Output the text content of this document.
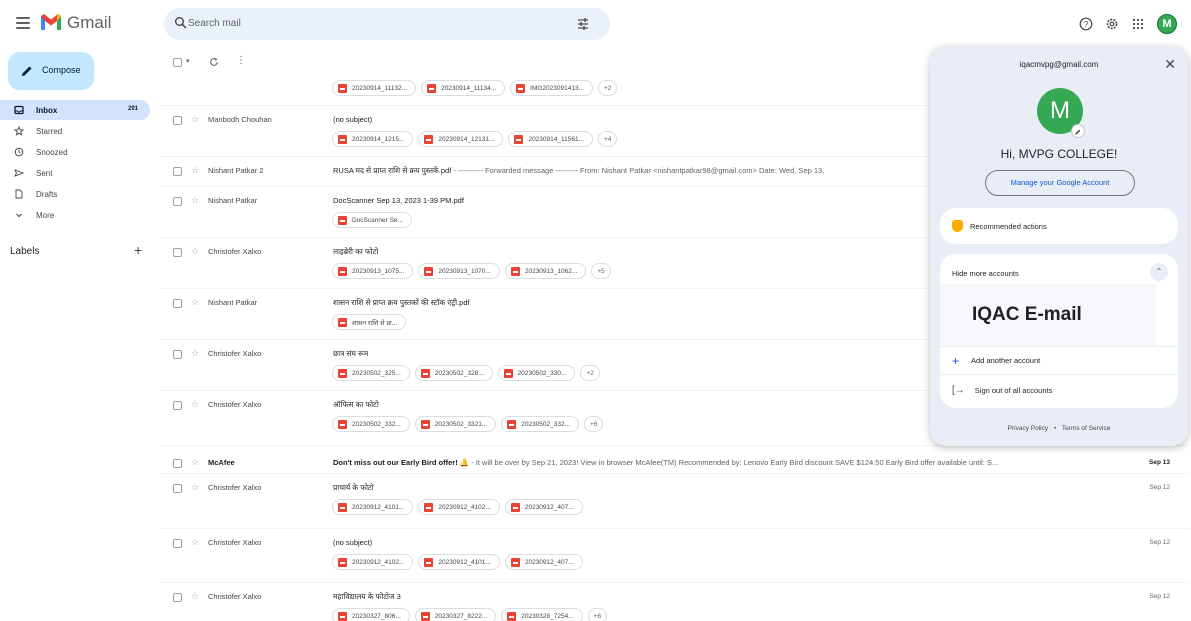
Gmail	Search mail	?	M
Compose
Inbox	291
Starred
Snoozed
Sent
Drafts
More
Labels	+
▾	⋮
20230914_11132...	20230914_11134...	IMG2023091413...	+2
☆ Manbodh Chouhan	(no subject)
20230914_1215...	20230914_12131...	20230914_11561...	+4
☆ Nishant Patkar 2	RUSA मद से प्राप्त राशि से क्रय पुस्तकें.pdf - ---------- Forwarded message --------- From: Nishant Patkar <nishantpatkar98@gmail.com> Date: Wed, Sep 13,
☆ Nishant Patkar	DocScanner Sep 13, 2023 1-39 PM.pdf
DocScanner Se...
☆ Christofer Xalxo	लाइब्रेरी का फोटो
20230913_1075...	20230913_1070...	20230913_1062...	+5
☆ Nishant Patkar	शासन राशि से प्राप्त क्रय पुस्तकों की स्टॉक एंट्री.pdf
शासन राशि से प्रा...
☆ Christofer Xalxo	छात्र संघ रूम
20230502_325...	20230502_328...	20230502_330...	+2
☆ Christofer Xalxo	ऑफिस का फोटो
20230502_332...	20230502_3321...	20230502_332...	+6
☆ McAfee	Don't miss out our Early Bird offer! 🔔 - It will be over by Sep 21, 2023! View in browser McAfee(TM) Recommended by: Lenovo Early Bird discount SAVE $124.50 Early Bird offer available until: S...	Sep 13
☆ Christofer Xalxo	प्राचार्य के फोटो	Sep 12
20230912_4101...	20230912_4102...	20230912_407...
☆ Christofer Xalxo	(no subject)	Sep 12
20230912_4102...	20230912_4101...	20230912_407...
☆ Christofer Xalxo	महाविद्यालय के फोटोज 3	Sep 12
20230327_806...	20230327_8222...	20230328_7254...	+6
iqacmvpg@gmail.com	✕
M
Hi, MVPG COLLEGE!
Manage your Google Account
Recommended actions
Hide more accounts	⌃
IQAC E-mail
+ Add another account
[→ Sign out of all accounts
Privacy Policy • Terms of Service
